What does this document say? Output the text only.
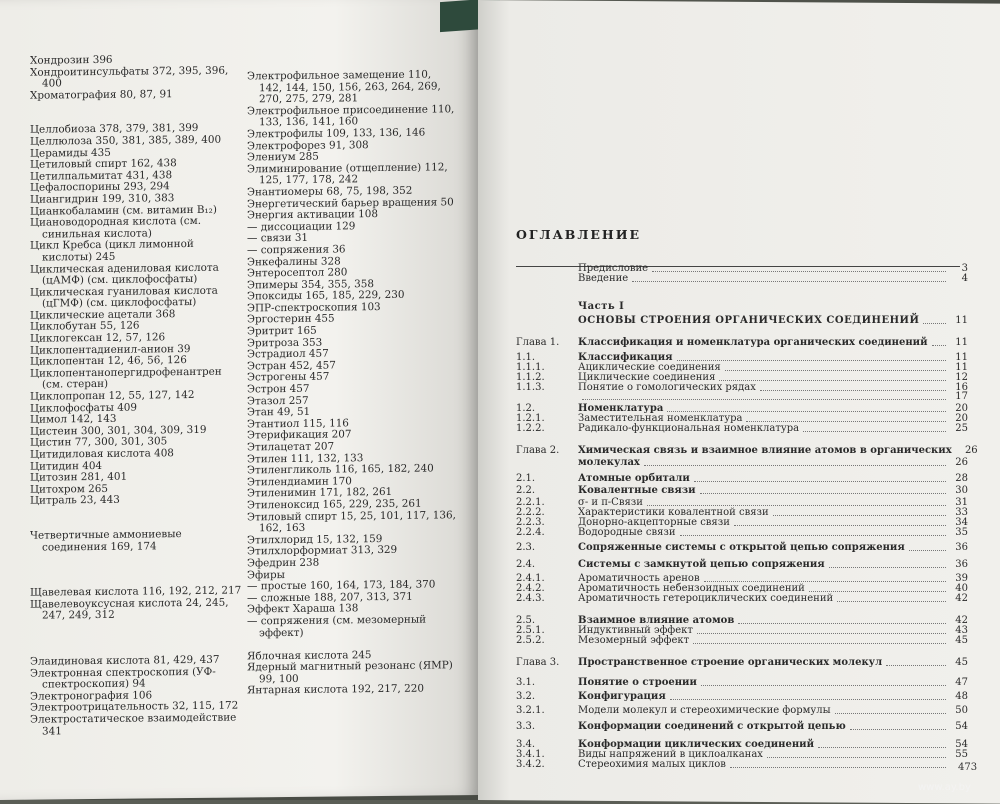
Хондрозин 396

Хондроитинсульфаты 372, 395, 396, 400

Хроматография 80, 87, 91

Целлобиоза 378, 379, 381, 399

Целлюлоза 350, 381, 385, 389, 400

Церамиды 435

Цетиловый спирт 162, 438

Цетилпальмитат 431, 438

Цефалоспорины 293, 294

Циангидрин 199, 310, 383

Цианкобаламин (см. витамин B₁₂)

Циановодородная кислота (см. синильная кислота)

Цикл Кребса (цикл лимонной кислоты) 245

Циклическая адениловая кислота (цАМФ) (см. циклофосфаты)

Циклическая гуаниловая кислота (цГМФ) (см. циклофосфаты)

Циклические ацетали 368

Циклобутан 55, 126

Циклогексан 12, 57, 126

Циклопентадиенил-анион 39

Циклопентан 12, 46, 56, 126

Циклопентанопергидрофенантрен (см. стеран)

Циклопропан 12, 55, 127, 142

Циклофосфаты 409

Цимол 142, 143

Цистеин 300, 301, 304, 309, 319

Цистин 77, 300, 301, 305

Цитидиловая кислота 408

Цитидин 404

Цитозин 281, 401

Цитохром 265

Цитраль 23, 443

Четвертичные аммониевые соединения 169, 174

Щавелевая кислота 116, 192, 212, 217

Щавелевоуксусная кислота 24, 245, 247, 249, 312

Элаидиновая кислота 81, 429, 437

Электронная спектроскопия (УФ-спектроскопия) 94

Электронография 106

Электроотрицательность 32, 115, 172

Электростатическое взаимодействие 341

Электрофильное замещение 110, 142, 144, 150, 156, 263, 264, 269, 270, 275, 279, 281

Электрофильное присоединение 110, 133, 136, 141, 160

Электрофилы 109, 133, 136, 146

Электрофорез 91, 308

Элениум 285

Элиминирование (отщепление) 112, 125, 177, 178, 242

Энантиомеры 68, 75, 198, 352

Энергетический барьер вращения 50

Энергия активации 108

— диссоциации 129

— связи 31

— сопряжения 36

Энкефалины 328

Энтеросептол 280

Эпимеры 354, 355, 358

Эпоксиды 165, 185, 229, 230

ЭПР-спектроскопия 103

Эргостерин 455

Эритрит 165

Эритроза 353

Эстрадиол 457

Эстран 452, 457

Эстрогены 457

Эстрон 457

Этазол 257

Этан 49, 51

Этантиол 115, 116

Этерификация 207

Этилацетат 207

Этилен 111, 132, 133

Этиленгликоль 116, 165, 182, 240

Этилендиамин 170

Этиленимин 171, 182, 261

Этиленоксид 165, 229, 235, 261

Этиловый спирт 15, 25, 101, 117, 136, 162, 163

Этилхлорид 15, 132, 159

Этилхлорформиат 313, 329

Эфедрин 238

Эфиры

— простые 160, 164, 173, 184, 370

— сложные 188, 207, 313, 371

Эффект Хараша 138

— сопряжения (см. мезомерный эффект)

Яблочная кислота 245

Ядерный магнитный резонанс (ЯМР) 99, 100

Янтарная кислота 192, 217, 220

ОГЛАВЛЕНИЕ
Предисловие	3
Введение	4
Часть I
ОСНОВЫ СТРОЕНИЯ ОРГАНИЧЕСКИХ СОЕДИНЕНИЙ	11
Глава 1.	Классификация и номенклатура органических соединений	11
1.1.	Классификация	11
1.1.1.	Ациклические соединения	11
1.1.2.	Циклические соединения	12
1.1.3.	Понятие о гомологических рядах	16
17
1.2.	Номенклатура	20
1.2.1.	Заместительная номенклатура	20
1.2.2.	Радикало-функциональная номенклатура	25
Глава 2.	Химическая связь и взаимное влияние атомов в органических	26
молекулах	26
2.1.	Атомные орбитали	28
2.2.	Ковалентные связи	30
2.2.1.	σ- и π-Связи	31
2.2.2.	Характеристики ковалентной связи	33
2.2.3.	Донорно-акцепторные связи	34
2.2.4.	Водородные связи	35
2.3.	Сопряженные системы с открытой цепью сопряжения	36
2.4.	Системы с замкнутой цепью сопряжения	36
2.4.1.	Ароматичность аренов	39
2.4.2.	Ароматичность небензоидных соединений	40
2.4.3.	Ароматичность гетероциклических соединений	42
2.5.	Взаимное влияние атомов	42
2.5.1.	Индуктивный эффект	43
2.5.2.	Мезомерный эффект	45
Глава 3.	Пространственное строение органических молекул	45
3.1.	Понятие о строении	47
3.2.	Конфигурация	48
3.2.1.	Модели молекул и стереохимические формулы	50
3.3.	Конформации соединений с открытой цепью	54
3.4.	Конформации циклических соединений	54
3.4.1.	Виды напряжений в циклоалканах	55
3.4.2.	Стереохимия малых циклов	473
www.ay.by
